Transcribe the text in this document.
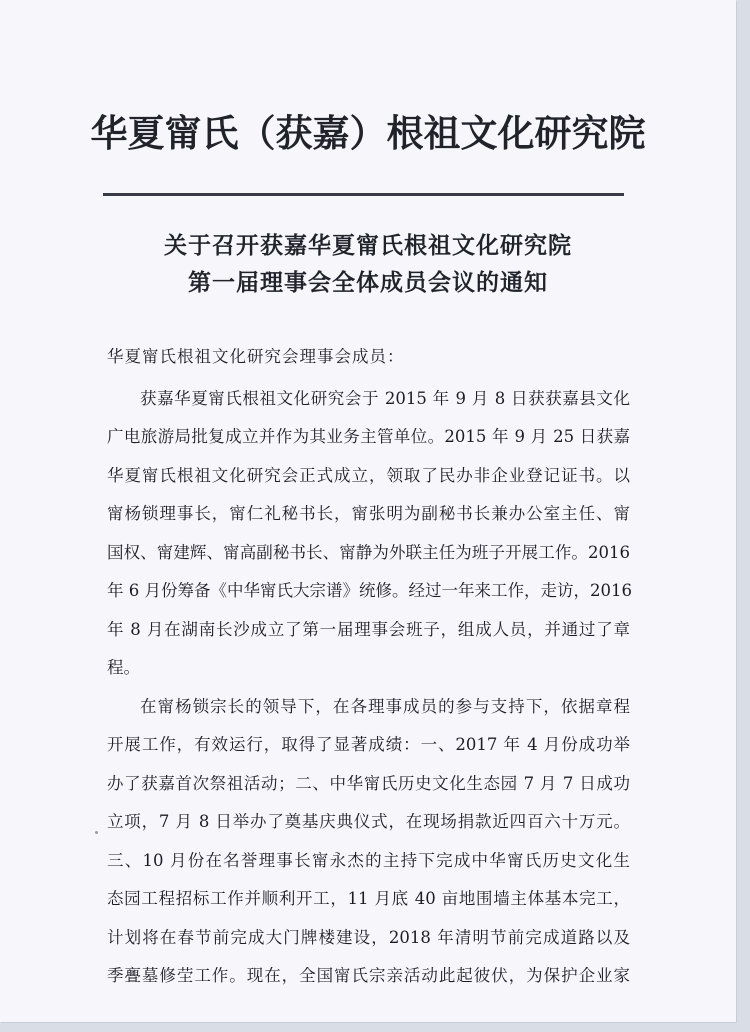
华夏甯氏（获嘉）根祖文化研究院
关于召开获嘉华夏甯氏根祖文化研究院
第一届理事会全体成员会议的通知
华夏甯氏根祖文化研究会理事会成员：
获嘉华夏甯氏根祖文化研究会于 2015 年 9 月 8 日获获嘉县文化
广电旅游局批复成立并作为其业务主管单位。2015 年 9 月 25 日获嘉
华夏甯氏根祖文化研究会正式成立，领取了民办非企业登记证书。以
甯杨锁理事长，甯仁礼秘书长，甯张明为副秘书长兼办公室主任、甯
国权、甯建辉、甯高副秘书长、甯静为外联主任为班子开展工作。2016
年 6 月份筹备《中华甯氏大宗谱》统修。经过一年来工作，走访，2016
年 8 月在湖南长沙成立了第一届理事会班子，组成人员，并通过了章
程。
在甯杨锁宗长的领导下，在各理事成员的参与支持下，依据章程
开展工作，有效运行，取得了显著成绩：一、2017 年 4 月份成功举
办了获嘉首次祭祖活动；二、中华甯氏历史文化生态园 7 月 7 日成功
立项，7 月 8 日举办了奠基庆典仪式，在现场捐款近四百六十万元。
三、10 月份在名誉理事长甯永杰的主持下完成中华甯氏历史文化生
态园工程招标工作并顺利开工，11 月底 40 亩地围墙主体基本完工，
计划将在春节前完成大门牌楼建设，2018 年清明节前完成道路以及
季亹墓修茔工作。现在，全国甯氏宗亲活动此起彼伏，为保护企业家
